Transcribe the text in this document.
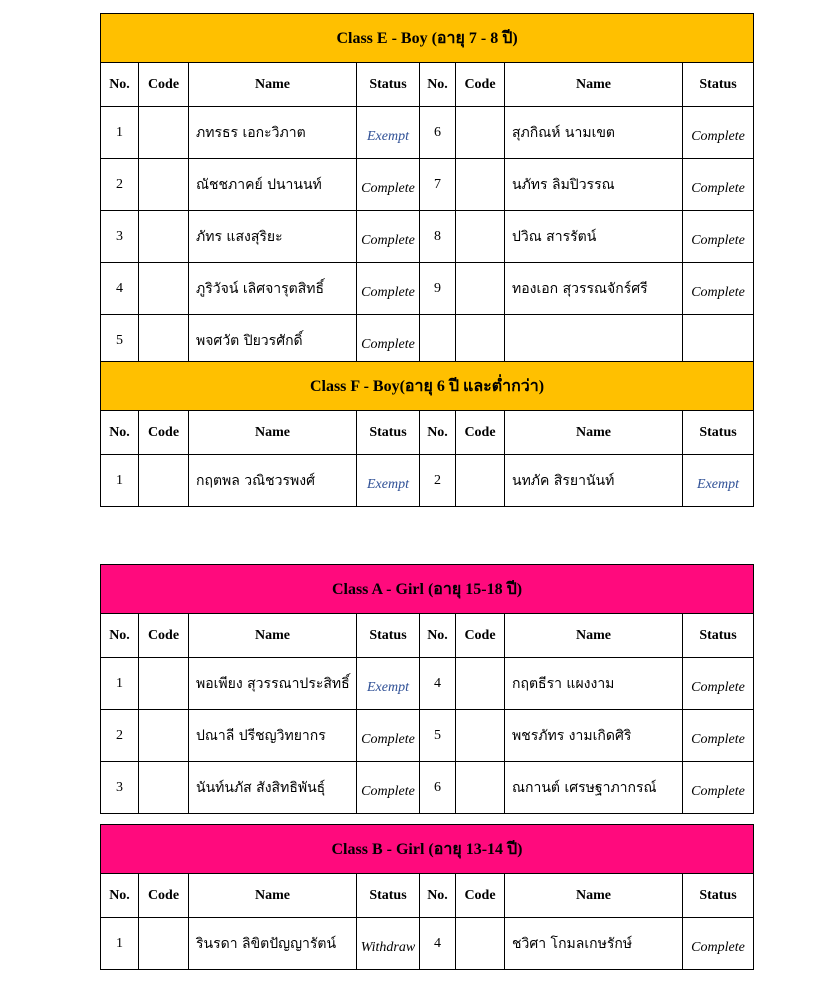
Class E - Boy (อายุ 7 - 8 ปี)							
No.	Code	Name	Status	No.	Code	Name	Status
1		ภทรธร เอกะวิภาต	Exempt	6		สุภกิณห์ นามเขต	Complete
2		ณัชชภาคย์ ปนานนท์	Complete	7		นภัทร ลิมปิวรรณ	Complete
3		ภัทร แสงสุริยะ	Complete	8		ปวิณ สารรัตน์	Complete
4		ภูริวัจน์ เลิศจารุตสิทธิ์	Complete	9		ทองเอก สุวรรณจักร์ศรี	Complete
5		พจศวัต ปิยวรศักดิ์	Complete				
Class F - Boy(อายุ 6 ปี และต่ำกว่า)							
No.	Code	Name	Status	No.	Code	Name	Status
1		กฤตพล วณิชวรพงศ์	Exempt	2		นทภัค สิรยานันท์	Exempt
Class A - Girl (อายุ 15-18 ปี)							
No.	Code	Name	Status	No.	Code	Name	Status
1		พอเพียง สุวรรณาประสิทธิ์	Exempt	4		กฤตธีรา แผงงาม	Complete
2		ปณาลี ปรีชญวิทยากร	Complete	5		พชรภัทร งามเกิดศิริ	Complete
3		นันท์นภัส สังสิทธิพันธุ์	Complete	6		ณกานต์ เศรษฐาภากรณ์	Complete
Class B - Girl (อายุ 13-14 ปี)							
No.	Code	Name	Status	No.	Code	Name	Status
1		รินรดา ลิขิตปัญญารัตน์	Withdraw	4		ชวิศา โกมลเกษรักษ์	Complete
